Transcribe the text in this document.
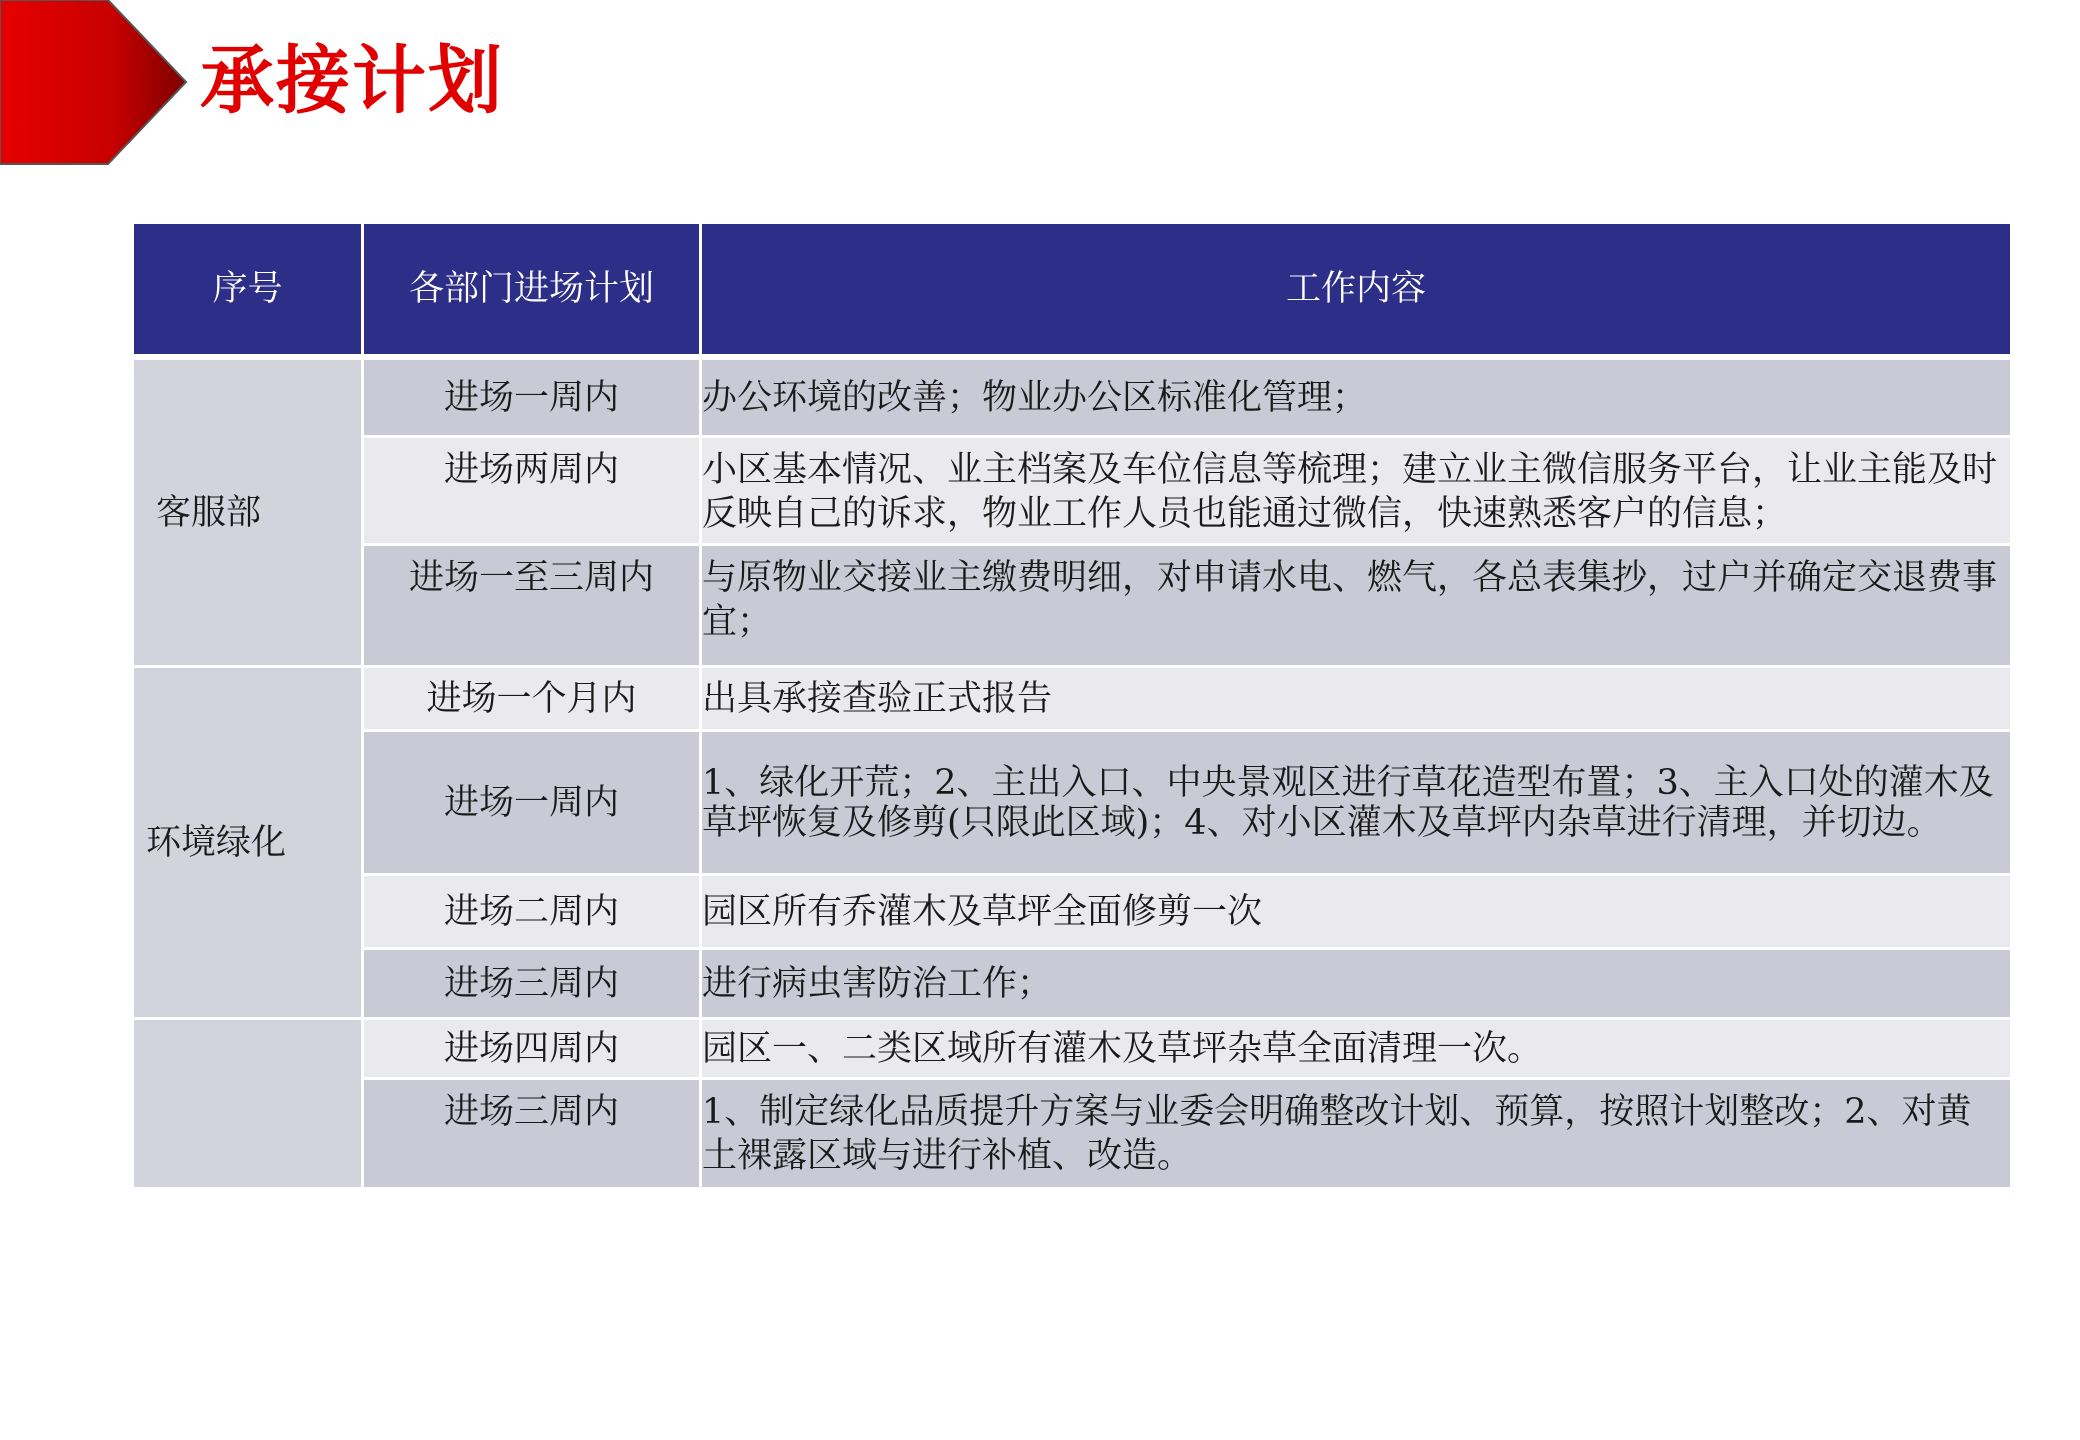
承接计划
序号	各部门进场计划	工作内容
客服部	进场一周内	办公环境的改善；物业办公区标准化管理；
	进场两周内	小区基本情况、业主档案及车位信息等梳理；建立业主微信服务平台，让业主能及时反映自己的诉求，物业工作人员也能通过微信，快速熟悉客户的信息；
	进场一至三周内	与原物业交接业主缴费明细，对申请水电、燃气，各总表集抄，过户并确定交退费事宜；
环境绿化	进场一个月内	出具承接查验正式报告
	进场一周内	1、绿化开荒；2、主出入口、中央景观区进行草花造型布置；3、主入口处的灌木及草坪恢复及修剪(只限此区域)；4、对小区灌木及草坪内杂草进行清理，并切边。
	进场二周内	园区所有乔灌木及草坪全面修剪一次
	进场三周内	进行病虫害防治工作；
	进场四周内	园区一、二类区域所有灌木及草坪杂草全面清理一次。
	进场三周内	1、制定绿化品质提升方案与业委会明确整改计划、预算，按照计划整改；2、对黄土裸露区域与进行补植、改造。
